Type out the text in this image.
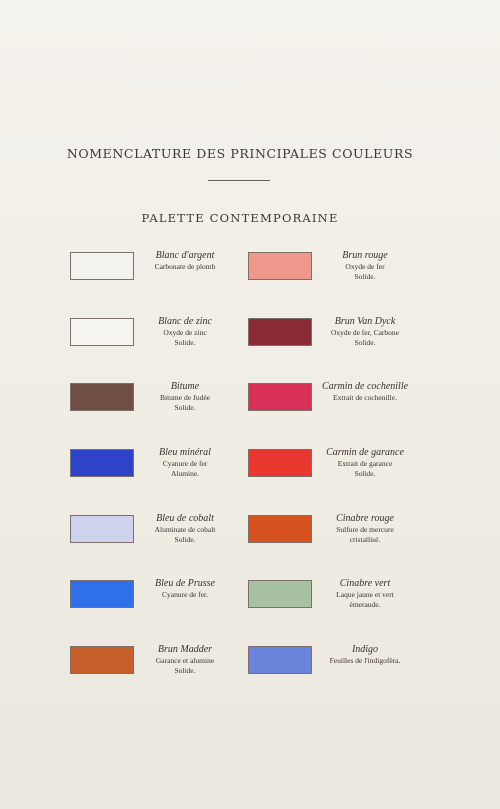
NOMENCLATURE DES PRINCIPALES COULEURS
PALETTE CONTEMPORAINE
Blanc d'argent
Carbonate de plomb
Blanc de zinc
Oxyde de zinc
Solide.
Bitume
Bitume de Judée
Solide.
Bleu minéral
Cyanure de fer
Alumine.
Bleu de cobalt
Aluminate de cobalt
Solide.
Bleu de Prusse
Cyanure de fer.
Brun Madder
Garance et alumine
Solide.
Brun rouge
Oxyde de fer
Solide.
Brun Van Dyck
Oxyde de fer, Carbone
Solide.
Carmin de cochenille
Extrait de cochenille.
Carmin de garance
Extrait de garance
Solide.
Cinabre rouge
Sulfure de mercure
cristallisé.
Cinabre vert
Laque jaune et vert
émeraude.
Indigo
Feuilles de l'indigofèra.
